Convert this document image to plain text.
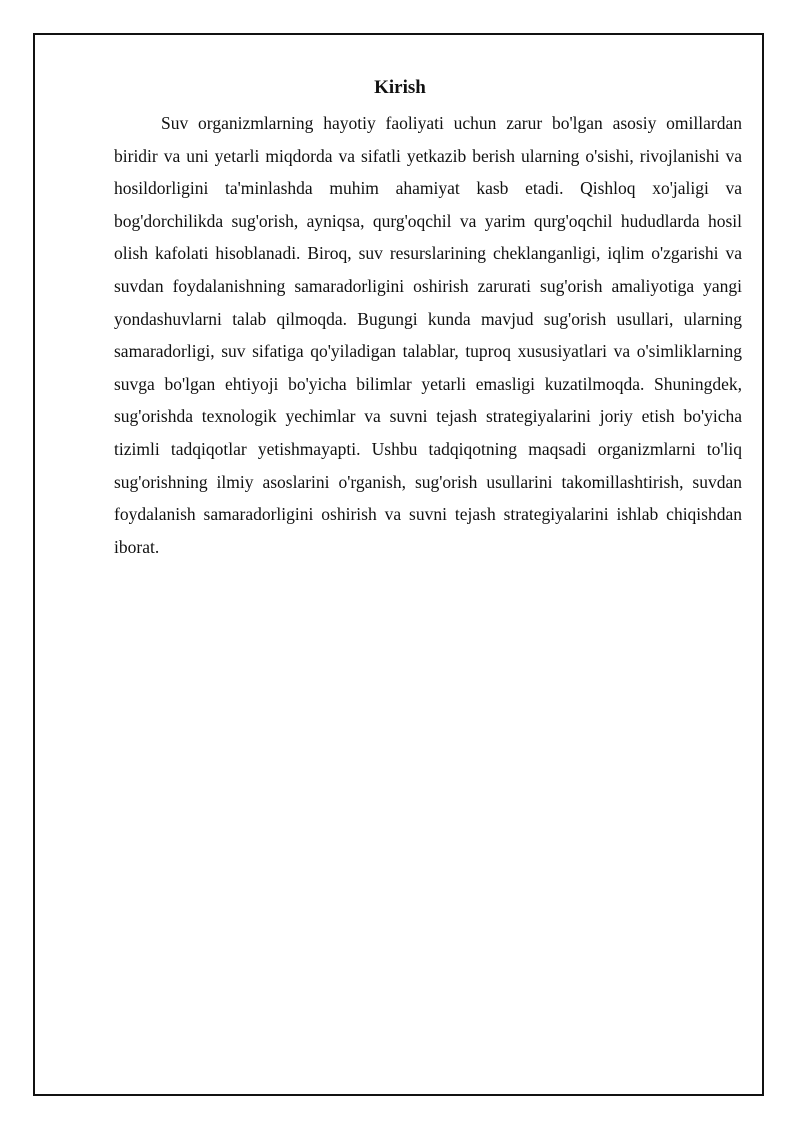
Kirish

Suv organizmlarning hayotiy faoliyati uchun zarur bo'lgan asosiy omillardan biridir va uni yetarli miqdorda va sifatli yetkazib berish ularning o'sishi, rivojlanishi va hosildorligini ta'minlashda muhim ahamiyat kasb etadi. Qishloq xo'jaligi va bog'dorchilikda sug'orish, ayniqsa, qurg'oqchil va yarim qurg'oqchil hududlarda hosil olish kafolati hisoblanadi. Biroq, suv resurslarining cheklanganligi, iqlim o'zgarishi va suvdan foydalanishning samaradorligini oshirish zarurati sug'orish amaliyotiga yangi yondashuvlarni talab qilmoqda. Bugungi kunda mavjud sug'orish usullari, ularning samaradorligi, suv sifatiga qo'yiladigan talablar, tuproq xususiyatlari va o'simliklarning suvga bo'lgan ehtiyoji bo'yicha bilimlar yetarli emasligi kuzatilmoqda. Shuningdek, sug'orishda texnologik yechimlar va suvni tejash strategiyalarini joriy etish bo'yicha tizimli tadqiqotlar yetishmayapti. Ushbu tadqiqotning maqsadi organizmlarni to'liq sug'orishning ilmiy asoslarini o'rganish, sug'orish usullarini takomillashtirish, suvdan foydalanish samaradorligini oshirish va suvni tejash strategiyalarini ishlab chiqishdan iborat.
